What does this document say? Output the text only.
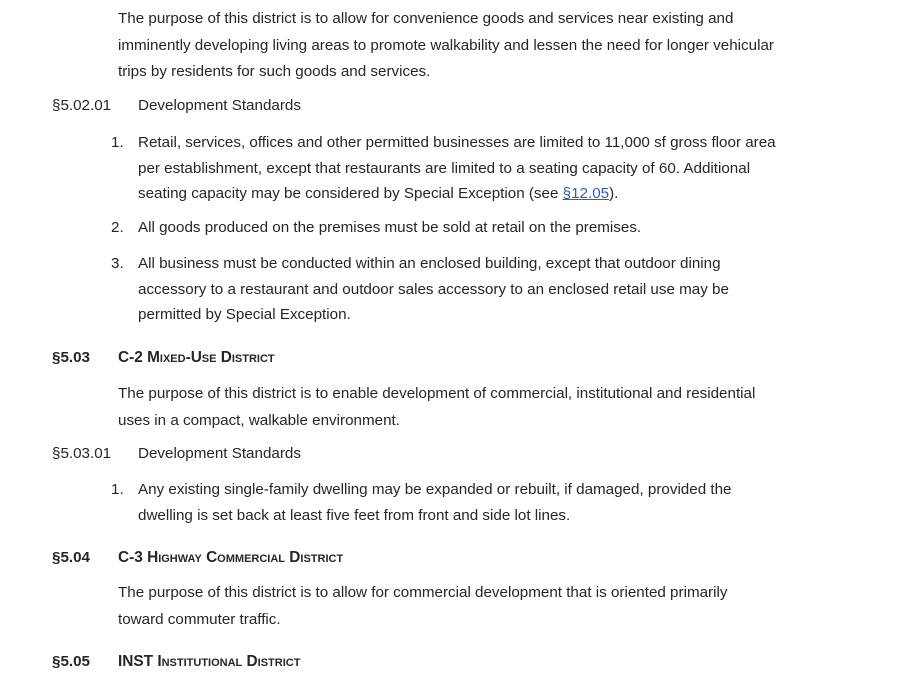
The purpose of this district is to allow for convenience goods and services near existing and
imminently developing living areas to promote walkability and lessen the need for longer vehicular
trips by residents for such goods and services.
§5.02.01 Development Standards
1. Retail, services, offices and other permitted businesses are limited to 11,000 sf gross floor area
per establishment, except that restaurants are limited to a seating capacity of 60. Additional
seating capacity may be considered by Special Exception (see §12.05).
2. All goods produced on the premises must be sold at retail on the premises.
3. All business must be conducted within an enclosed building, except that outdoor dining
accessory to a restaurant and outdoor sales accessory to an enclosed retail use may be
permitted by Special Exception.
§5.03 C-2 Mixed-Use District
The purpose of this district is to enable development of commercial, institutional and residential
uses in a compact, walkable environment.
§5.03.01 Development Standards
1. Any existing single-family dwelling may be expanded or rebuilt, if damaged, provided the
dwelling is set back at least five feet from front and side lot lines.
§5.04 C-3 Highway Commercial District
The purpose of this district is to allow for commercial development that is oriented primarily
toward commuter traffic.
§5.05 INST Institutional District
